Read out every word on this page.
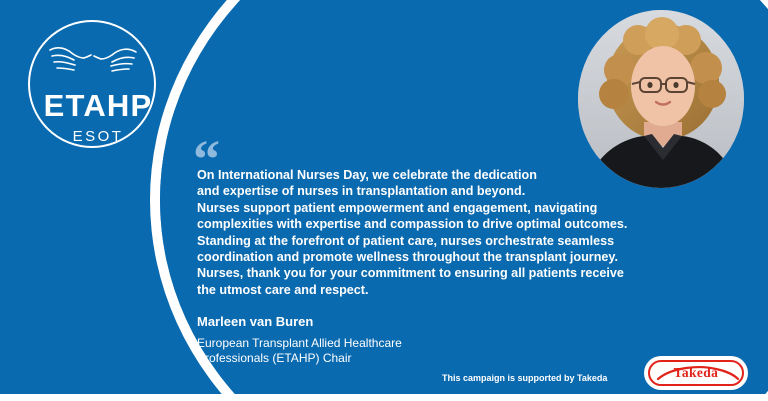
ETAHP
ESOT	“

On International Nurses Day, we celebrate the dedication

and expertise of nurses in transplantation and beyond.

Nurses support patient empowerment and engagement, navigating

complexities with expertise and compassion to drive optimal outcomes.

Standing at the forefront of patient care, nurses orchestrate seamless

coordination and promote wellness throughout the transplant journey.

Nurses, thank you for your commitment to ensuring all patients receive

the utmost care and respect.

Marleen van Buren
European Transplant Allied Healthcare
Professionals (ETAHP) Chair
This campaign is supported by Takeda	Takeda
